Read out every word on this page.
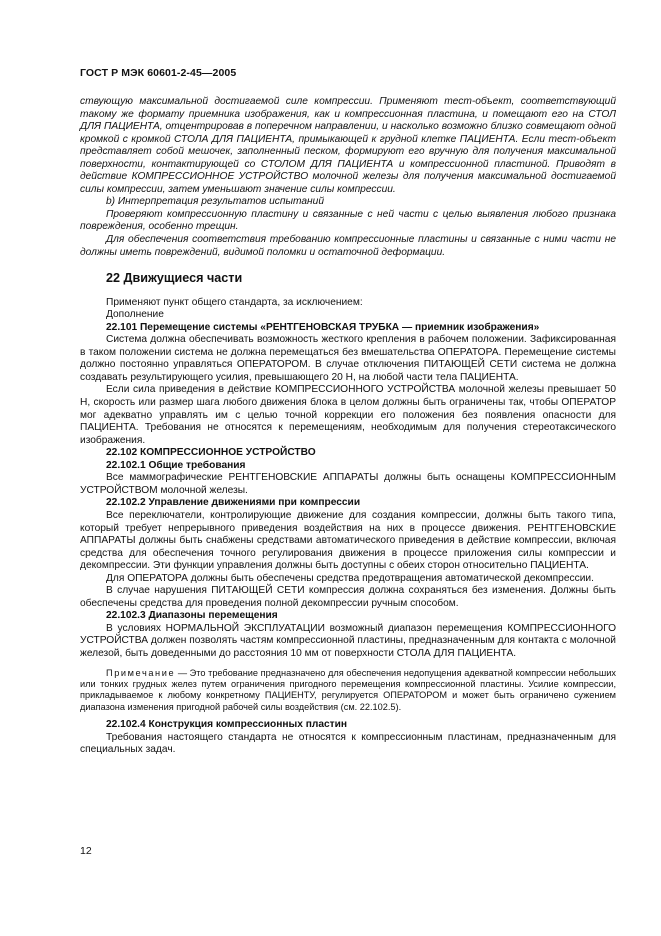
ГОСТ Р МЭК 60601-2-45—2005

ствующую максимальной достигаемой силе компрессии. Применяют тест-объект, соответствующий такому же формату приемника изображения, как и компрессионная пластина, и помещают его на СТОЛ ДЛЯ ПАЦИЕНТА, отцентрировав в поперечном направлении, и насколько возможно близко совмещают одной кромкой с кромкой СТОЛА ДЛЯ ПАЦИЕНТА, примыкающей к грудной клетке ПАЦИЕНТА. Если тест-объект представляет собой мешочек, заполненный песком, формируют его вручную для получения максимальной поверхности, контактирующей со СТОЛОМ ДЛЯ ПАЦИЕНТА и компрессионной пластиной. Приводят в действие КОМПРЕССИОННОЕ УСТРОЙСТВО молочной железы для получения максимальной достигаемой силы компрессии, затем уменьшают значение силы компрессии.

b) Интерпретация результатов испытаний

Проверяют компрессионную пластину и связанные с ней части с целью выявления любого признака повреждения, особенно трещин.

Для обеспечения соответствия требованию компрессионные пластины и связанные с ними части не должны иметь повреждений, видимой поломки и остаточной деформации.

22 Движущиеся части

Применяют пункт общего стандарта, за исключением:

Дополнение

22.101 Перемещение системы «РЕНТГЕНОВСКАЯ ТРУБКА — приемник изображения»

Система должна обеспечивать возможность жесткого крепления в рабочем положении. Зафиксированная в таком положении система не должна перемещаться без вмешательства ОПЕРАТОРА. Перемещение системы должно постоянно управляться ОПЕРАТОРОМ. В случае отключения ПИТАЮЩЕЙ СЕТИ система не должна создавать результирующего усилия, превышающего 20 Н, на любой части тела ПАЦИЕНТА.

Если сила приведения в действие КОМПРЕССИОННОГО УСТРОЙСТВА молочной железы превышает 50 Н, скорость или размер шага любого движения блока в целом должны быть ограничены так, чтобы ОПЕРАТОР мог адекватно управлять им с целью точной коррекции его положения без появления опасности для ПАЦИЕНТА. Требования не относятся к перемещениям, необходимым для получения стереотаксического изображения.

22.102 КОМПРЕССИОННОЕ УСТРОЙСТВО

22.102.1 Общие требования

Все маммографические РЕНТГЕНОВСКИЕ АППАРАТЫ должны быть оснащены КОМПРЕССИОННЫМ УСТРОЙСТВОМ молочной железы.

22.102.2 Управление движениями при компрессии

Все переключатели, контролирующие движение для создания компрессии, должны быть такого типа, который требует непрерывного приведения воздействия на них в процессе движения. РЕНТГЕНОВСКИЕ АППАРАТЫ должны быть снабжены средствами автоматического приведения в действие компрессии, включая средства для обеспечения точного регулирования движения в процессе приложения силы компрессии и декомпрессии. Эти функции управления должны быть доступны с обеих сторон относительно ПАЦИЕНТА.

Для ОПЕРАТОРА должны быть обеспечены средства предотвращения автоматической декомпрессии.

В случае нарушения ПИТАЮЩЕЙ СЕТИ компрессия должна сохраняться без изменения. Должны быть обеспечены средства для проведения полной декомпрессии ручным способом.

22.102.3 Диапазоны перемещения

В условиях НОРМАЛЬНОЙ ЭКСПЛУАТАЦИИ возможный диапазон перемещения КОМПРЕССИОННОГО УСТРОЙСТВА должен позволять частям компрессионной пластины, предназначенным для контакта с молочной железой, быть доведенными до расстояния 10 мм от поверхности СТОЛА ДЛЯ ПАЦИЕНТА.

Примечание — Это требование предназначено для обеспечения недопущения адекватной компрессии небольших или тонких грудных желез путем ограничения пригодного перемещения компрессионной пластины. Усилие компрессии, прикладываемое к любому конкретному ПАЦИЕНТУ, регулируется ОПЕРАТОРОМ и может быть ограничено сужением диапазона изменения пригодной рабочей силы воздействия (см. 22.102.5).

22.102.4 Конструкция компрессионных пластин

Требования настоящего стандарта не относятся к компрессионным пластинам, предназначенным для специальных задач.

12
